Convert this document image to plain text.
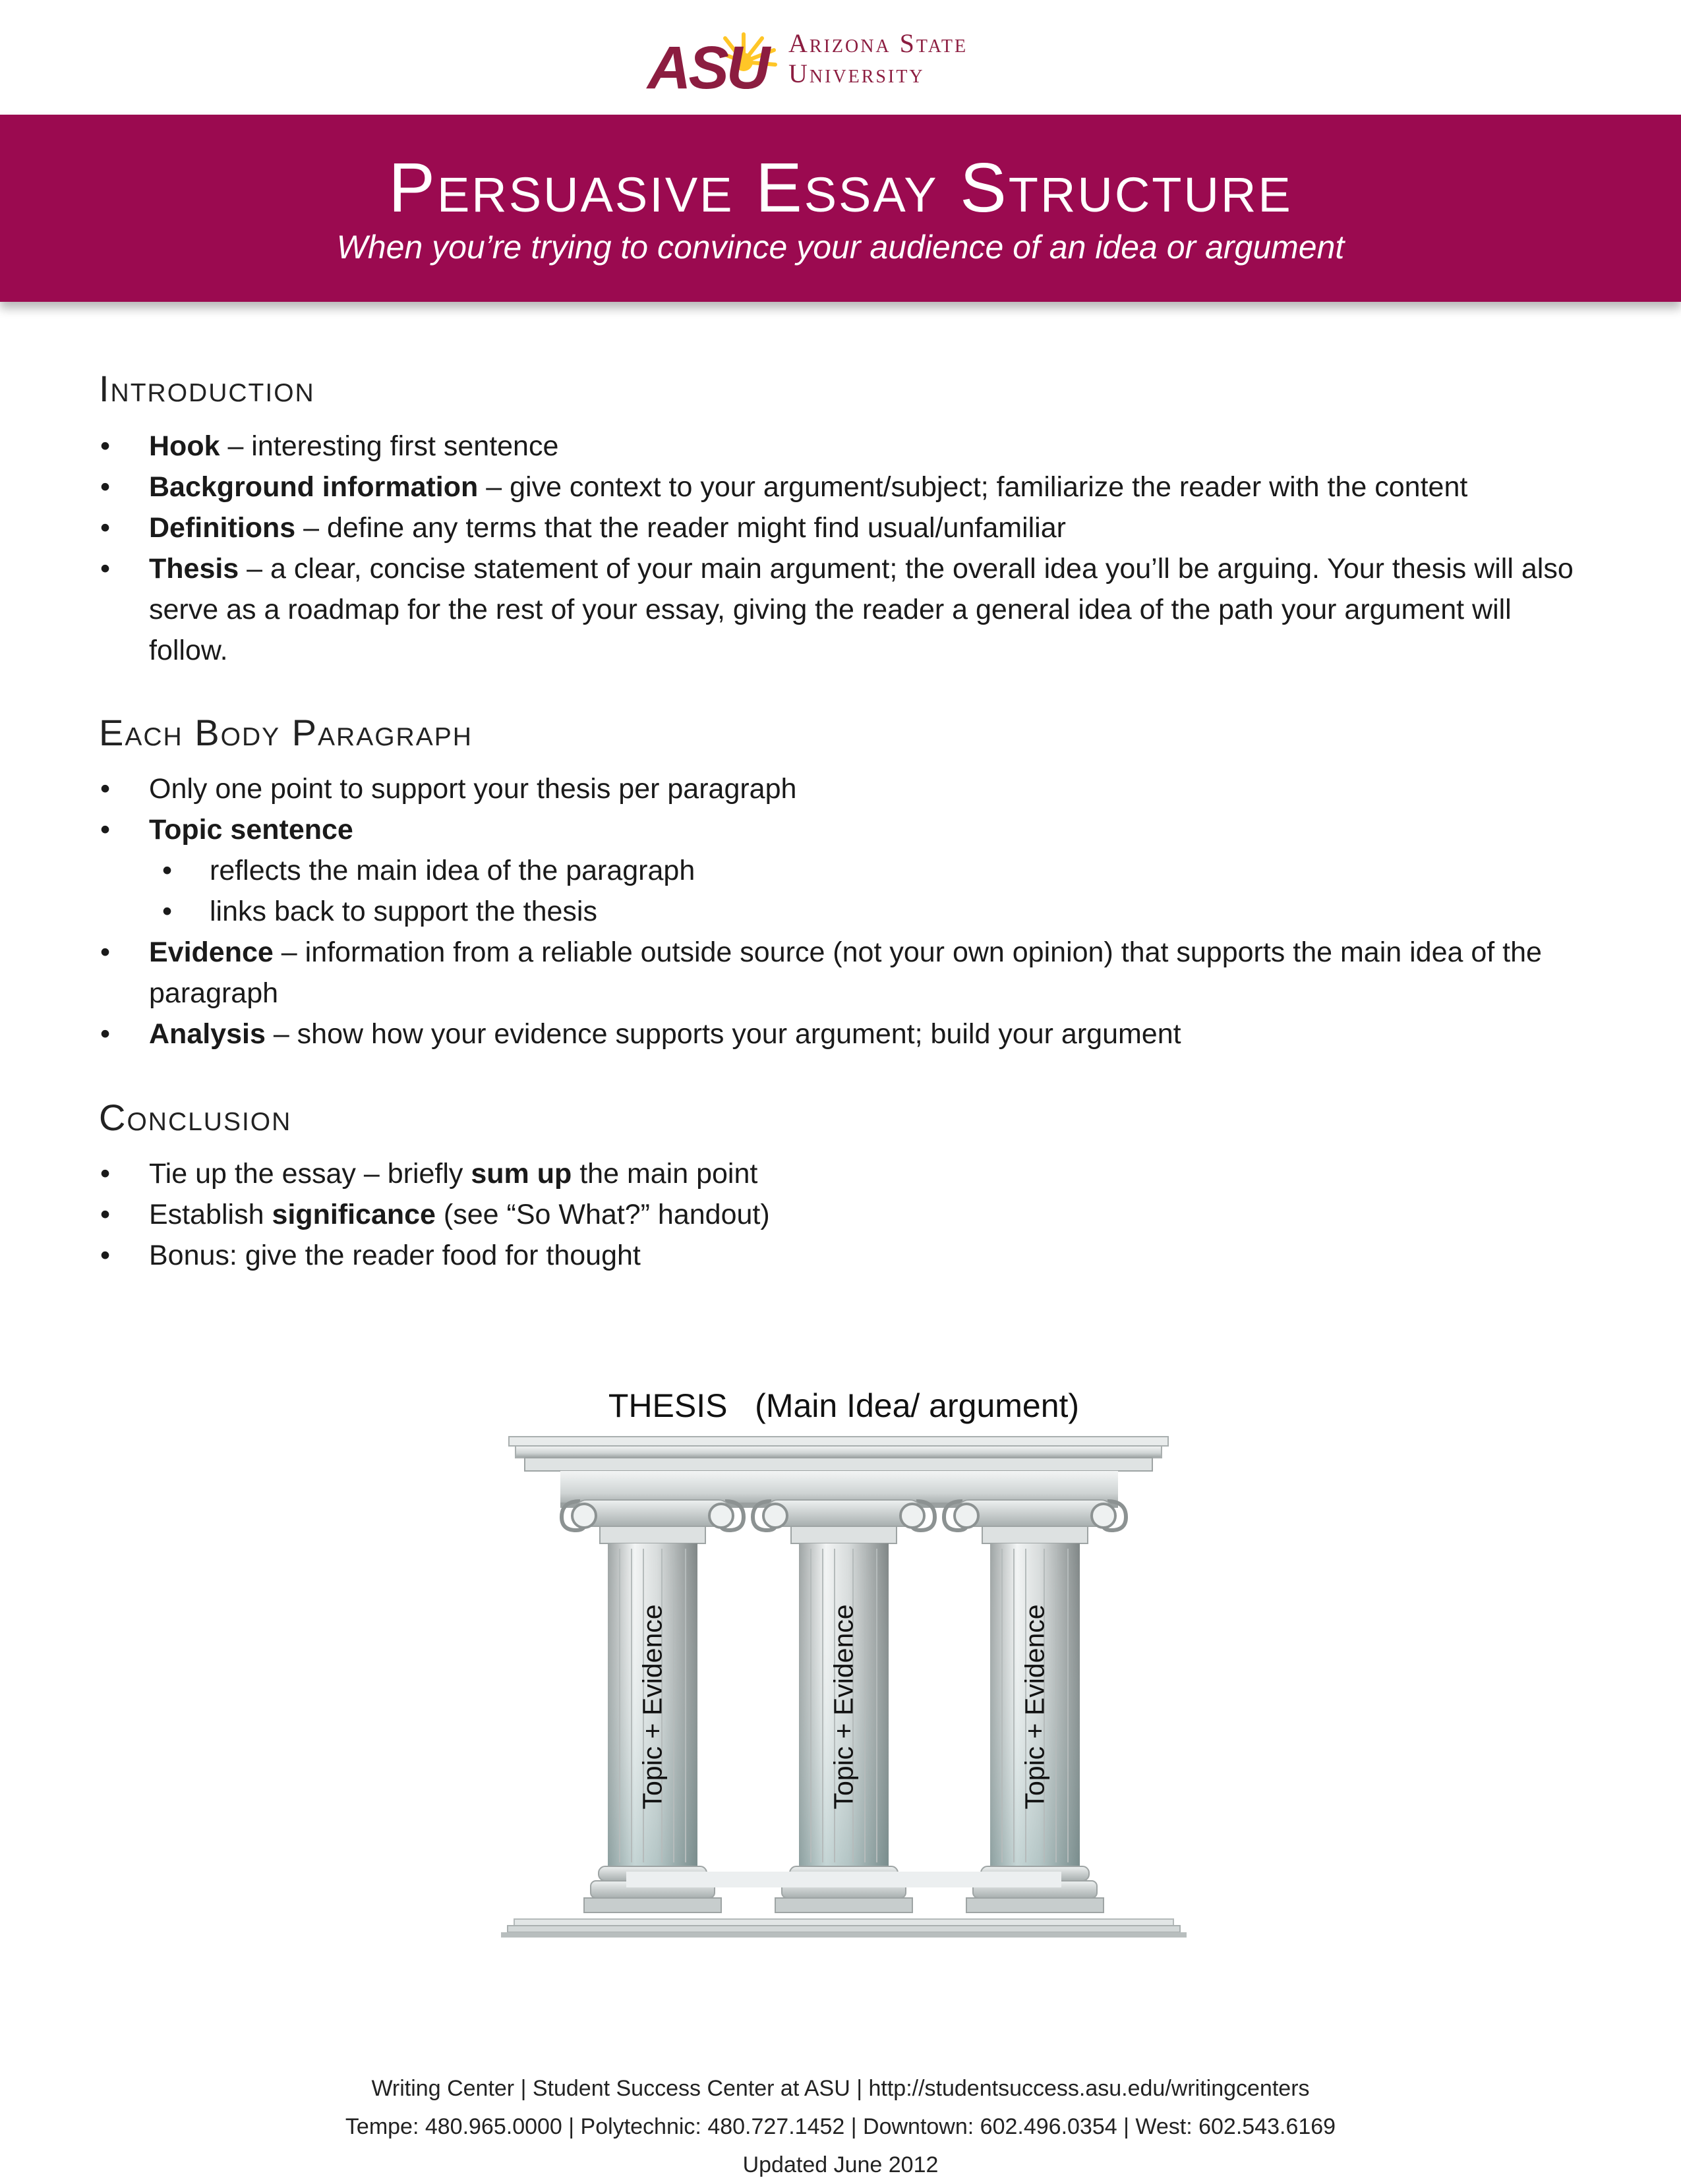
ASU Arizona State
University
Persuasive Essay Structure
When you’re trying to convince your audience of an idea or argument
Introduction
• Hook – interesting first sentence
• Background information – give context to your argument/subject; familiarize the reader with the content
• Definitions – define any terms that the reader might find usual/unfamiliar
• Thesis – a clear, concise statement of your main argument; the overall idea you’ll be arguing. Your thesis will also serve as a roadmap for the rest of your essay, giving the reader a general idea of the path your argument will follow.
Each Body Paragraph
• Only one point to support your thesis per paragraph
• Topic sentence
• reflects the main idea of the paragraph
• links back to support the thesis
• Evidence – information from a reliable outside source (not your own opinion) that supports the main idea of the paragraph
• Analysis – show how your evidence supports your argument; build your argument
Conclusion
• Tie up the essay – briefly sum up the main point
• Establish significance (see “So What?” handout)
• Bonus: give the reader food for thought
THESIS   (Main Idea/ argument)
Topic + Evidence	Topic + Evidence	Topic + Evidence
Writing Center | Student Success Center at ASU | http://studentsuccess.asu.edu/writingcenters
Tempe: 480.965.0000 | Polytechnic: 480.727.1452 | Downtown: 602.496.0354 | West: 602.543.6169
Updated June 2012
